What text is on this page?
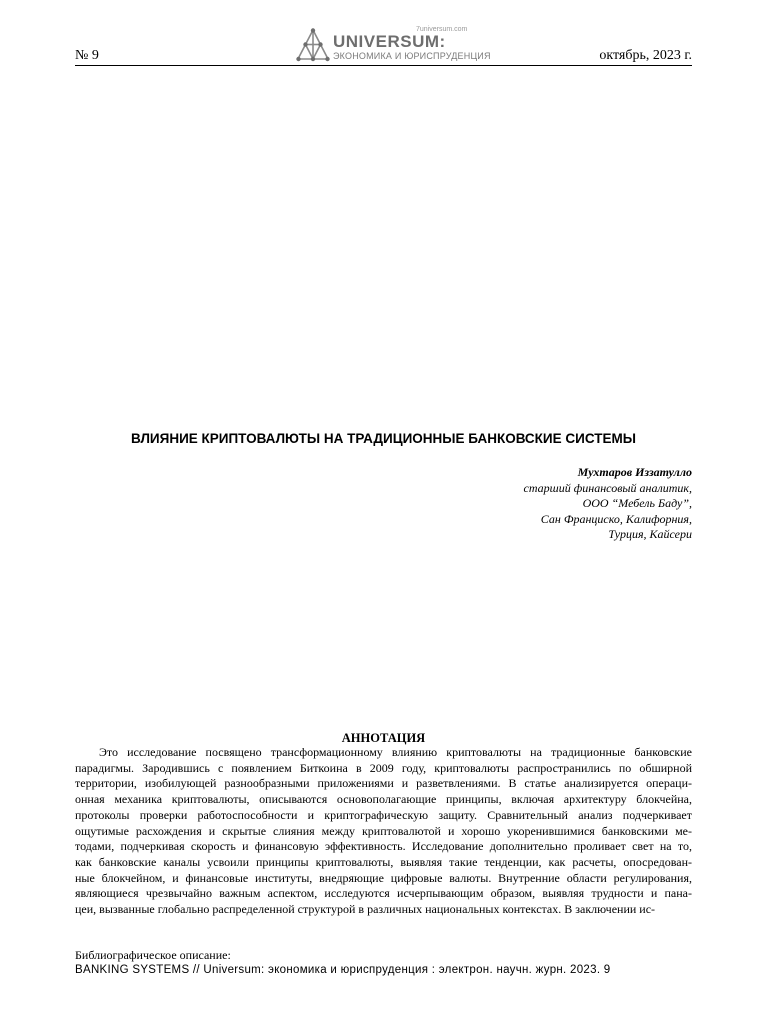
№ 9
7universum.com
UNIVERSUM:
ЭКОНОМИКА И ЮРИСПРУДЕНЦИЯ	октябрь, 2023 г.
ВЛИЯНИЕ КРИПТОВАЛЮТЫ НА ТРАДИЦИОННЫЕ БАНКОВСКИЕ СИСТЕМЫ
Мухтаров Иззатулло
старший финансовый аналитик,
ООО “Мебель Баду”,
Сан Франциско, Калифорния,
Турция, Кайсери
АННОТАЦИЯ
Это исследование посвящено трансформационному влиянию криптовалюты на традиционные банковские
парадигмы. Зародившись с появлением Биткоина в 2009 году, криптовалюты распространились по обширной
территории, изобилующей разнообразными приложениями и разветвлениями. В статье анализируется операци-
онная механика криптовалюты, описываются основополагающие принципы, включая архитектуру блокчейна,
протоколы проверки работоспособности и криптографическую защиту. Сравнительный анализ подчеркивает
ощутимые расхождения и скрытые слияния между криптовалютой и хорошо укоренившимися банковскими ме-
тодами, подчеркивая скорость и финансовую эффективность. Исследование дополнительно проливает свет на то,
как банковские каналы усвоили принципы криптовалюты, выявляя такие тенденции, как расчеты, опосредован-
ные блокчейном, и финансовые институты, внедряющие цифровые валюты. Внутренние области регулирования,
являющиеся чрезвычайно важным аспектом, исследуются исчерпывающим образом, выявляя трудности и пана-
цеи, вызванные глобально распределенной структурой в различных национальных контекстах. В заключении ис-
Библиографическое описание:
BANKING SYSTEMS // Universum: экономика и юриспруденция : электрон. научн. журн. 2023. 9
